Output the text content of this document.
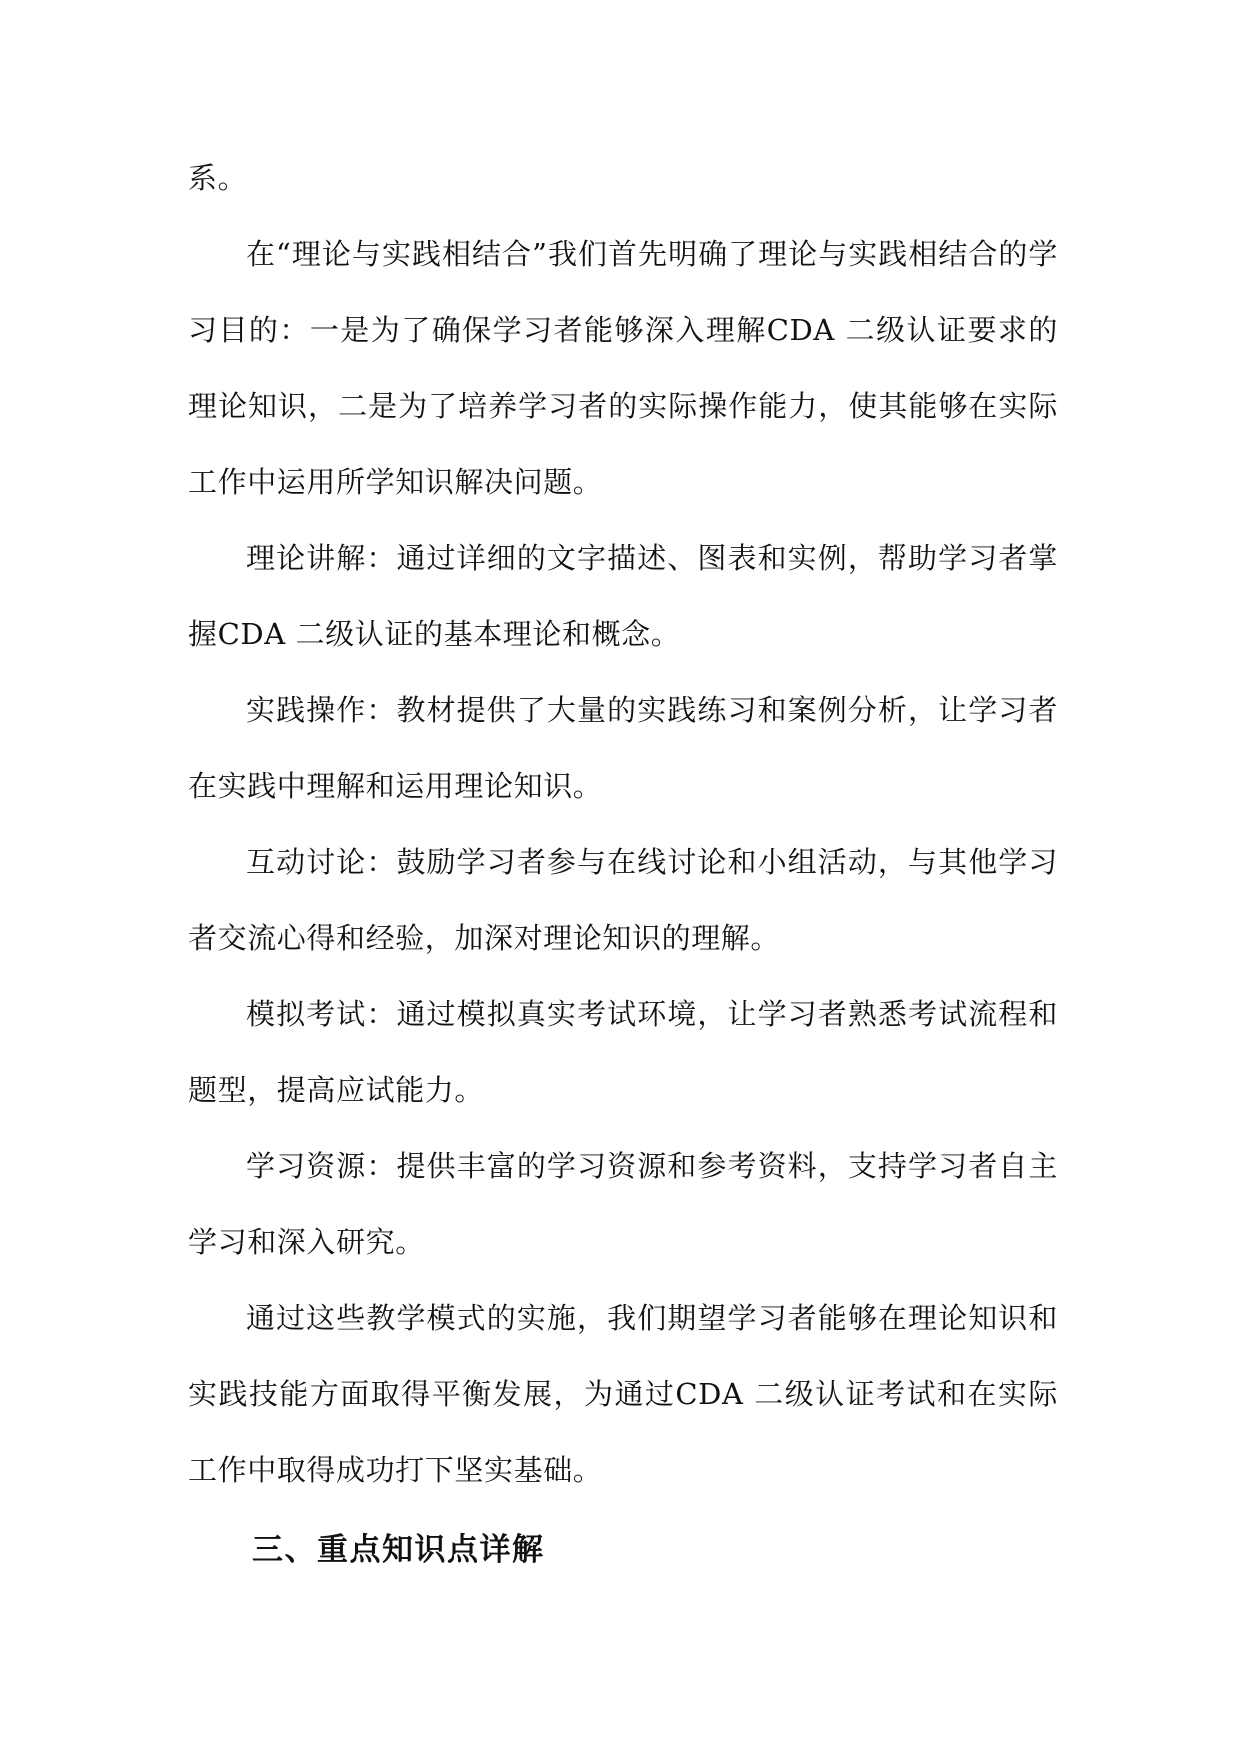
系。

在“理论与实践相结合”我们首先明确了理论与实践相结合的学习目的：一是为了确保学习者能够深入理解CDA 二级认证要求的理论知识，二是为了培养学习者的实际操作能力，使其能够在实际工作中运用所学知识解决问题。

理论讲解：通过详细的文字描述、图表和实例，帮助学习者掌握CDA 二级认证的基本理论和概念。

实践操作：教材提供了大量的实践练习和案例分析，让学习者在实践中理解和运用理论知识。

互动讨论：鼓励学习者参与在线讨论和小组活动，与其他学习者交流心得和经验，加深对理论知识的理解。

模拟考试：通过模拟真实考试环境，让学习者熟悉考试流程和题型，提高应试能力。

学习资源：提供丰富的学习资源和参考资料，支持学习者自主学习和深入研究。

通过这些教学模式的实施，我们期望学习者能够在理论知识和实践技能方面取得平衡发展，为通过CDA 二级认证考试和在实际工作中取得成功打下坚实基础。

三、重点知识点详解
